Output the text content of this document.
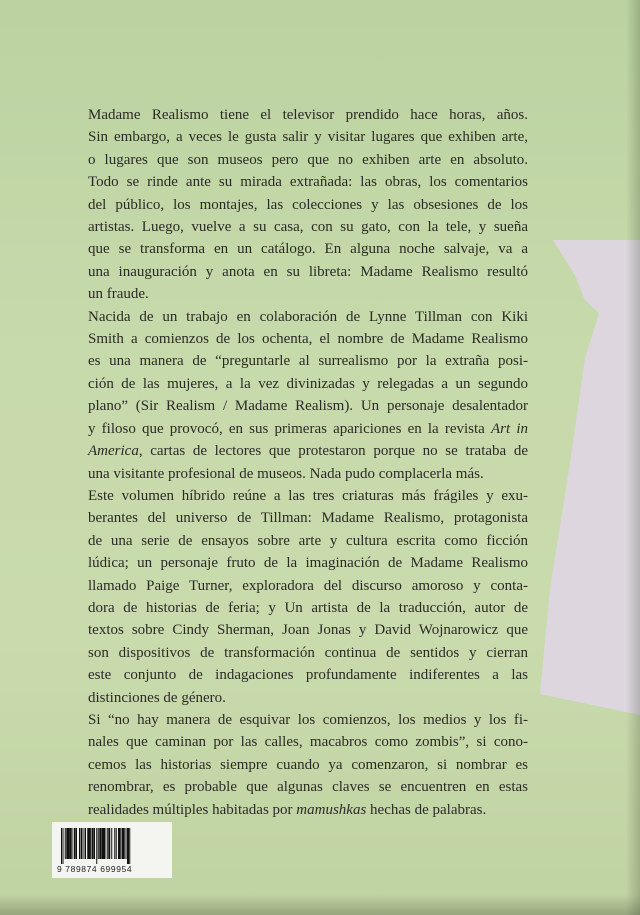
Madame Realismo tiene el televisor prendido hace horas, años.
Sin embargo, a veces le gusta salir y visitar lugares que exhiben arte,
o lugares que son museos pero que no exhiben arte en absoluto.
Todo se rinde ante su mirada extrañada: las obras, los comentarios
del público, los montajes, las colecciones y las obsesiones de los
artistas. Luego, vuelve a su casa, con su gato, con la tele, y sueña
que se transforma en un catálogo. En alguna noche salvaje, va a
una inauguración y anota en su libreta: Madame Realismo resultó
un fraude.

Nacida de un trabajo en colaboración de Lynne Tillman con Kiki
Smith a comienzos de los ochenta, el nombre de Madame Realismo
es una manera de “preguntarle al surrealismo por la extraña posi-
ción de las mujeres, a la vez divinizadas y relegadas a un segundo
plano” (Sir Realism / Madame Realism). Un personaje desalentador
y filoso que provocó, en sus primeras apariciones en la revista Art in
America, cartas de lectores que protestaron porque no se trataba de
una visitante profesional de museos. Nada pudo complacerla más.

Este volumen híbrido reúne a las tres criaturas más frágiles y exu-
berantes del universo de Tillman: Madame Realismo, protagonista
de una serie de ensayos sobre arte y cultura escrita como ficción
lúdica; un personaje fruto de la imaginación de Madame Realismo
llamado Paige Turner, exploradora del discurso amoroso y conta-
dora de historias de feria; y Un artista de la traducción, autor de
textos sobre Cindy Sherman, Joan Jonas y David Wojnarowicz que
son dispositivos de transformación continua de sentidos y cierran
este conjunto de indagaciones profundamente indiferentes a las
distinciones de género.

Si “no hay manera de esquivar los comienzos, los medios y los fi-
nales que caminan por las calles, macabros como zombis”, si cono-
cemos las historias siempre cuando ya comenzaron, si nombrar es
renombrar, es probable que algunas claves se encuentren en estas
realidades múltiples habitadas por mamushkas hechas de palabras.

9 789874 699954
